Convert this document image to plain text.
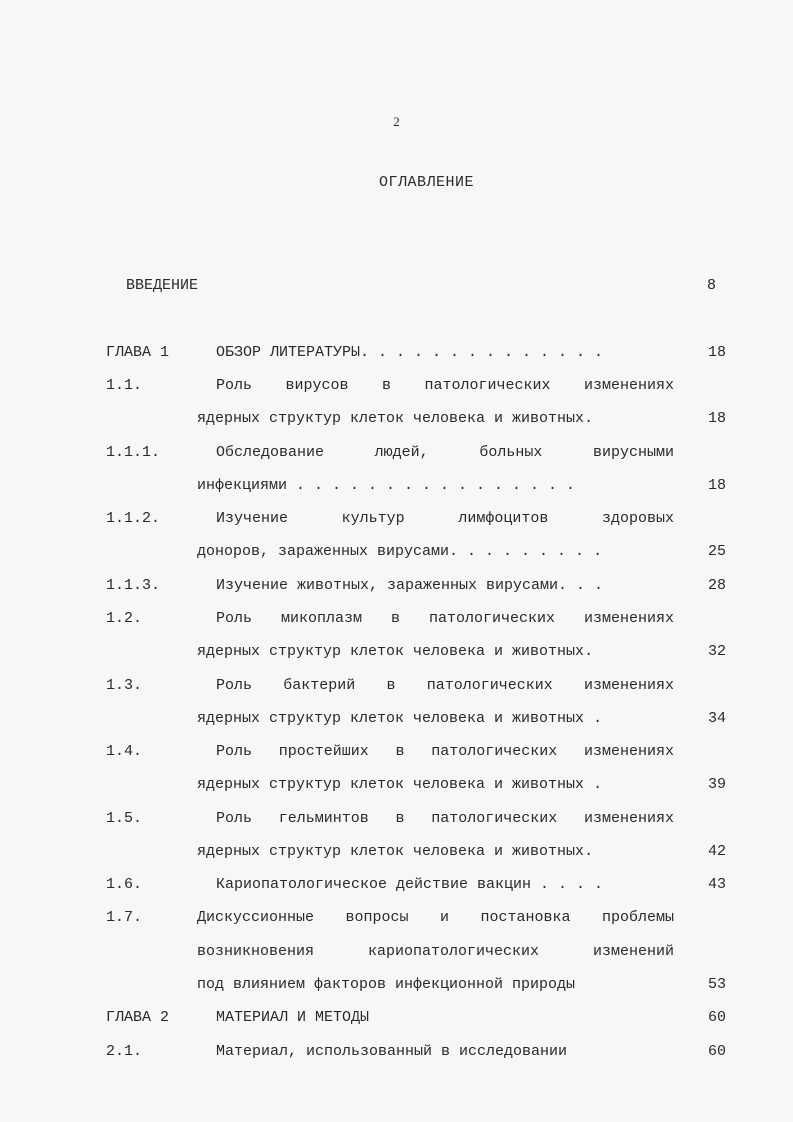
2
ОГЛАВЛЕНИЕ
ВВЕДЕНИЕ	8
ГЛАВА 1	ОБЗОР ЛИТЕРАТУРЫ. . . . . . . . . . . . . .	18
1.1.	Роль вирусов в патологических изменениях
ядерных структур клеток человека и животных.	18
1.1.1.	Обследование людей, больных вирусными
инфекциями . . . . . . . . . . . . . . . .	18
1.1.2.	Изучение культур лимфоцитов здоровых
доноров, зараженных вирусами. . . . . . . . .	25
1.1.3.	Изучение животных, зараженных вирусами. . .	28
1.2.	Роль микоплазм в патологических изменениях
ядерных структур клеток человека и животных.	32
1.3.	Роль бактерий в патологических изменениях
ядерных структур клеток человека и животных .	34
1.4.	Роль простейших в патологических изменениях
ядерных структур клеток человека и животных .	39
1.5.	Роль гельминтов в патологических изменениях
ядерных структур клеток человека и животных.	42
1.6.	Кариопатологическое действие вакцин . . . .	43
1.7.	Дискуссионные вопросы и постановка проблемы
возникновения кариопатологических изменений
под влиянием факторов инфекционной природы	53
ГЛАВА 2	МАТЕРИАЛ И МЕТОДЫ	60
2.1.	Материал, использованный в исследовании	60
